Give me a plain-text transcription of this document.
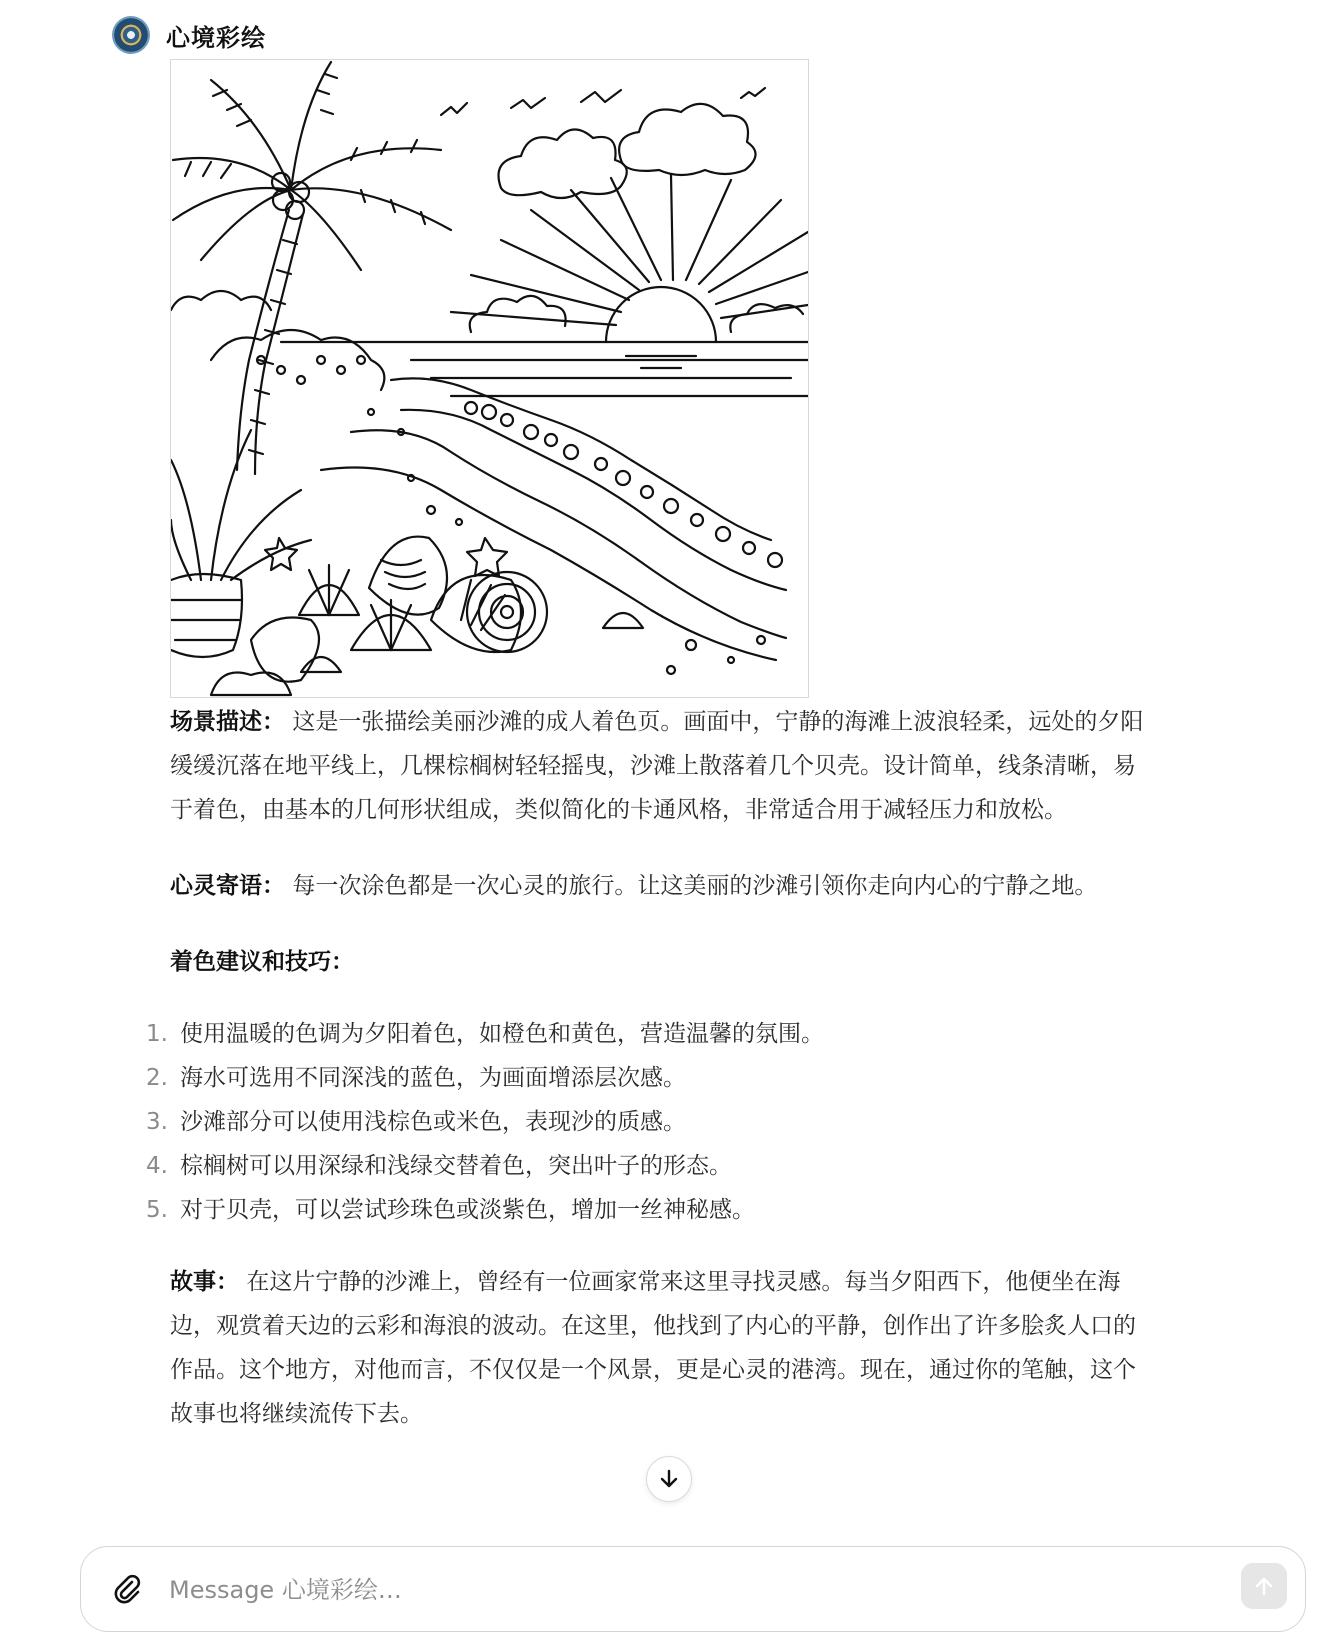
心境彩绘

场景描述： 这是一张描绘美丽沙滩的成人着色页。画面中，宁静的海滩上波浪轻柔，远处的夕阳缓缓沉落在地平线上，几棵棕榈树轻轻摇曳，沙滩上散落着几个贝壳。设计简单，线条清晰，易于着色，由基本的几何形状组成，类似简化的卡通风格，非常适合用于减轻压力和放松。

心灵寄语： 每一次涂色都是一次心灵的旅行。让这美丽的沙滩引领你走向内心的宁静之地。

着色建议和技巧：

1. 使用温暖的色调为夕阳着色，如橙色和黄色，营造温馨的氛围。
2. 海水可选用不同深浅的蓝色，为画面增添层次感。
3. 沙滩部分可以使用浅棕色或米色，表现沙的质感。
4. 棕榈树可以用深绿和浅绿交替着色，突出叶子的形态。
5. 对于贝壳，可以尝试珍珠色或淡紫色，增加一丝神秘感。

故事： 在这片宁静的沙滩上，曾经有一位画家常来这里寻找灵感。每当夕阳西下，他便坐在海边，观赏着天边的云彩和海浪的波动。在这里，他找到了内心的平静，创作出了许多脍炙人口的作品。这个地方，对他而言，不仅仅是一个风景，更是心灵的港湾。现在，通过你的笔触，这个故事也将继续流传下去。

Message 心境彩绘…
